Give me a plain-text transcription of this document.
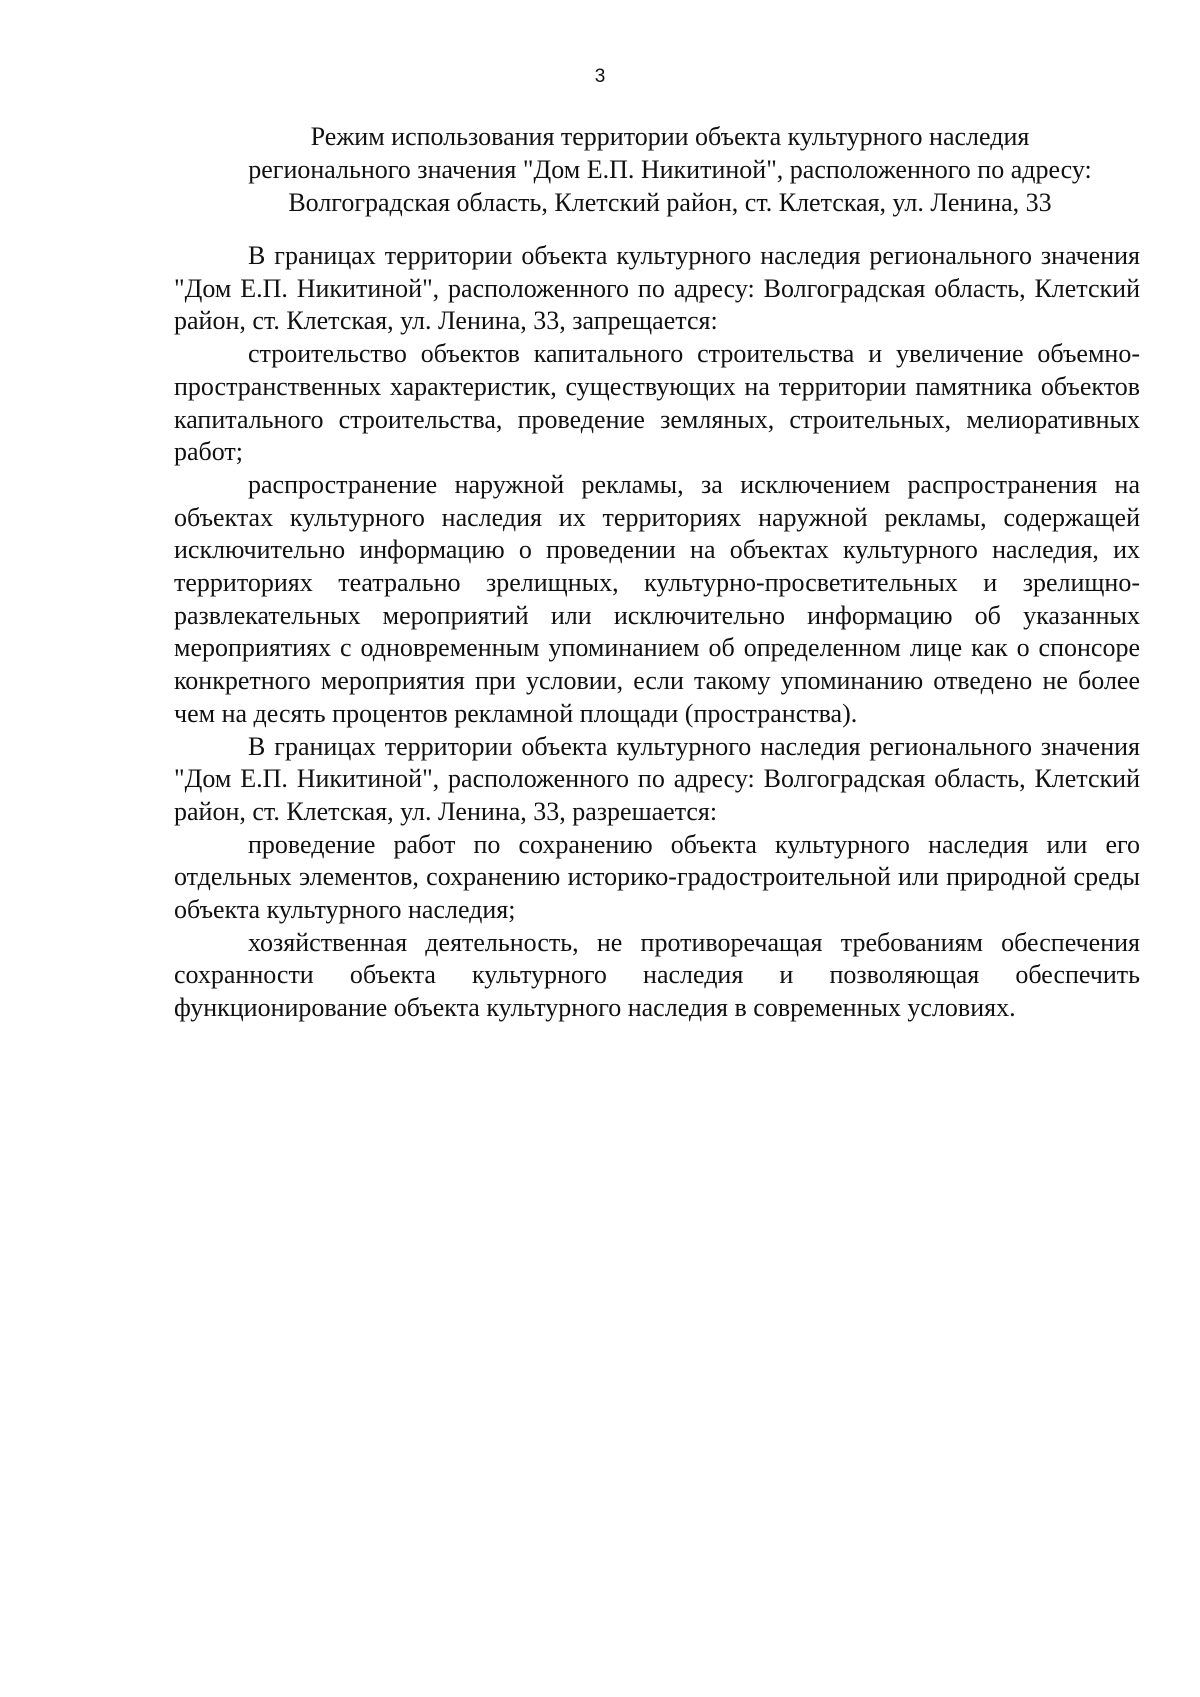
3
Режим использования территории объекта культурного наследия
регионального значения "Дом Е.П. Никитиной", расположенного по адресу:
Волгоградская область, Клетский район, ст. Клетская, ул. Ленина, 33

В границах территории объекта культурного наследия регионального значения "Дом Е.П. Никитиной", расположенного по адресу: Волгоградская область, Клетский район, ст. Клетская, ул. Ленина, 33, запрещается:

строительство объектов капитального строительства и увеличение объемно-пространственных характеристик, существующих на территории памятника объектов капитального строительства, проведение земляных, строительных, мелиоративных работ;

распространение наружной рекламы, за исключением распространения на объектах культурного наследия их территориях наружной рекламы, содержащей исключительно информацию о проведении на объектах культурного наследия, их территориях театрально зрелищных, культурно-просветительных и зрелищно-развлекательных мероприятий или исключительно информацию об указанных мероприятиях с одновременным упоминанием об определенном лице как о спонсоре конкретного мероприятия при условии, если такому упоминанию отведено не более чем на десять процентов рекламной площади (пространства).

В границах территории объекта культурного наследия регионального значения "Дом Е.П. Никитиной", расположенного по адресу: Волгоградская область, Клетский район, ст. Клетская, ул. Ленина, 33, разрешается:

проведение работ по сохранению объекта культурного наследия или его отдельных элементов, сохранению историко-градостроительной или природной среды объекта культурного наследия;

хозяйственная деятельность, не противоречащая требованиям обеспечения сохранности объекта культурного наследия и позволяющая обеспечить функционирование объекта культурного наследия в современных условиях.
